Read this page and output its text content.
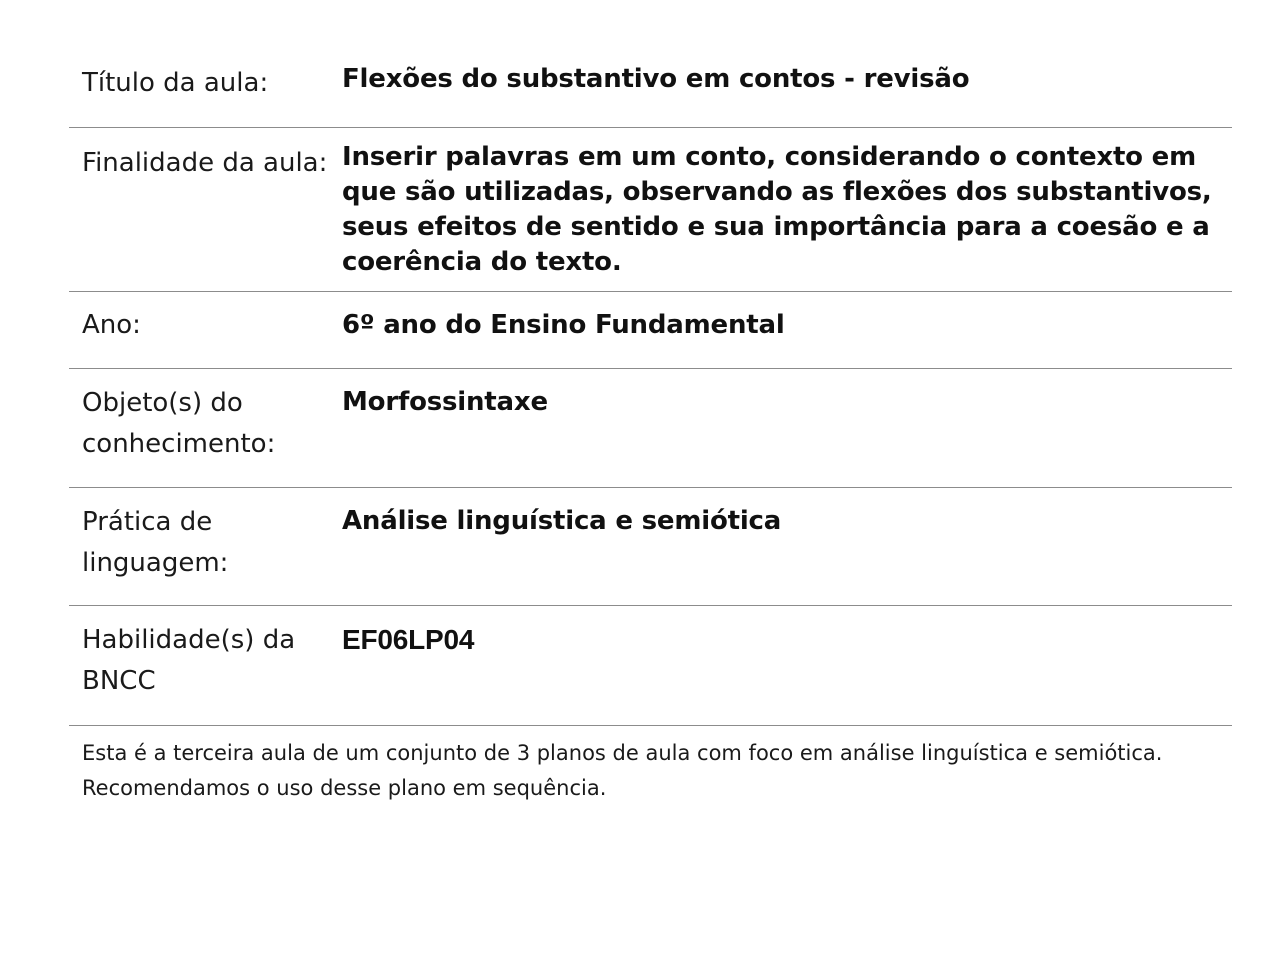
Título da aula:	Flexões do substantivo em contos - revisão
Finalidade da aula: Inserir palavras em um conto, considerando o contexto em que são utilizadas, observando as flexões dos substantivos, seus efeitos de sentido e sua importância para a coesão e a coerência do texto.
Ano:	6º ano do Ensino Fundamental
Objeto(s) do conhecimento:
Morfossintaxe
Prática de linguagem:
Análise linguística e semiótica
Habilidade(s) da BNCC
EF06LP04
Esta é a terceira aula de um conjunto de 3 planos de aula com foco em análise linguística e semiótica. Recomendamos o uso desse plano em sequência.
